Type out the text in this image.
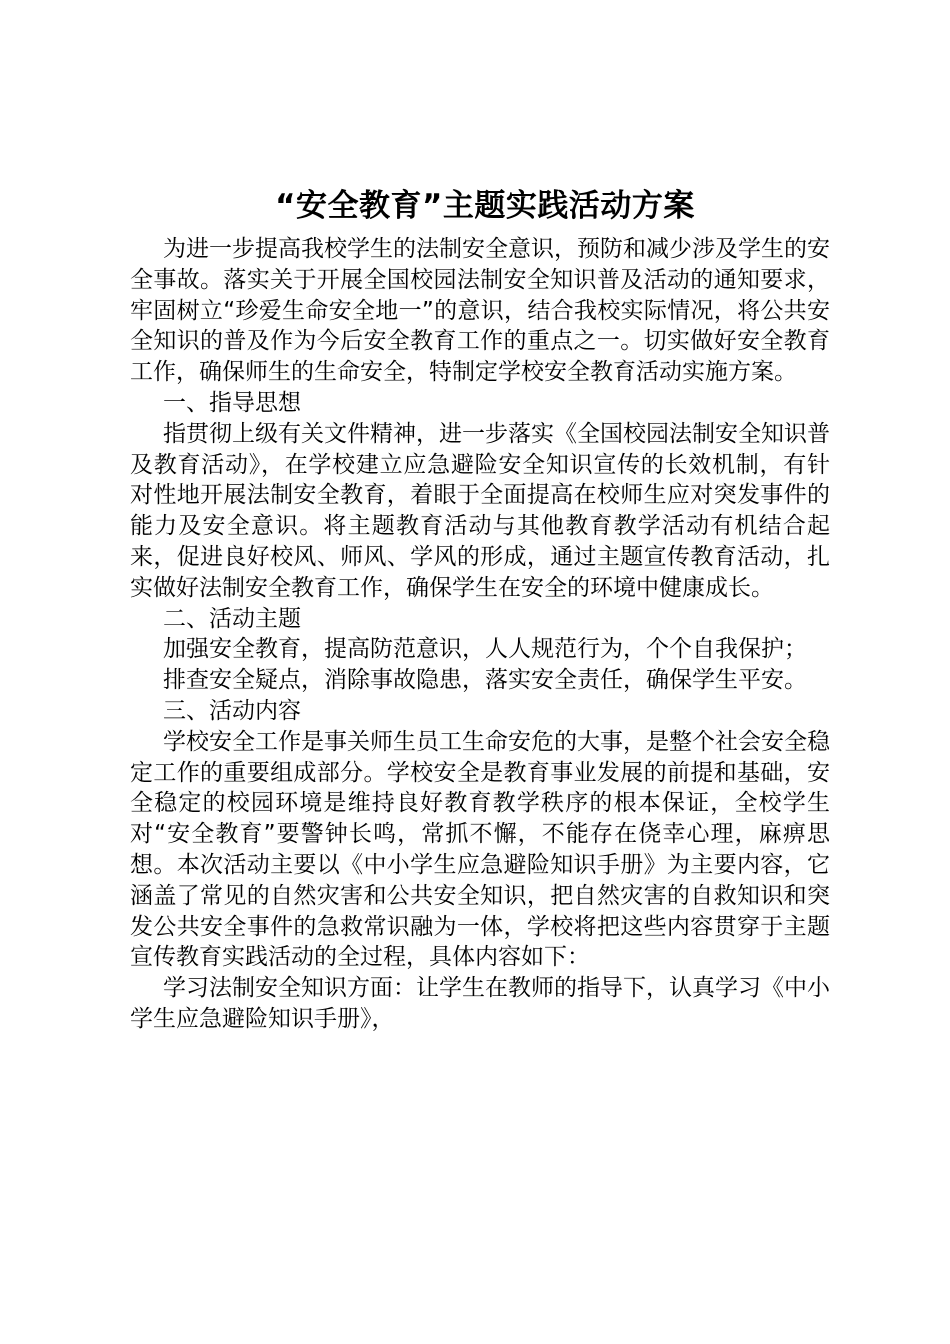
“安全教育”主题实践活动方案

为进一步提高我校学生的法制安全意识，预防和减少涉及学生的安全事故。落实关于开展全国校园法制安全知识普及活动的通知要求，牢固树立“珍爱生命安全地一”的意识，结合我校实际情况，将公共安全知识的普及作为今后安全教育工作的重点之一。切实做好安全教育工作，确保师生的生命安全，特制定学校安全教育活动实施方案。

一、指导思想

指贯彻上级有关文件精神，进一步落实《全国校园法制安全知识普及教育活动》，在学校建立应急避险安全知识宣传的长效机制，有针对性地开展法制安全教育，着眼于全面提高在校师生应对突发事件的能力及安全意识。将主题教育活动与其他教育教学活动有机结合起来，促进良好校风、师风、学风的形成，通过主题宣传教育活动，扎实做好法制安全教育工作，确保学生在安全的环境中健康成长。

二、活动主题

加强安全教育，提高防范意识，人人规范行为，个个自我保护；

排查安全疑点，消除事故隐患，落实安全责任，确保学生平安。

三、活动内容

学校安全工作是事关师生员工生命安危的大事，是整个社会安全稳定工作的重要组成部分。学校安全是教育事业发展的前提和基础，安全稳定的校园环境是维持良好教育教学秩序的根本保证，全校学生对“安全教育”要警钟长鸣，常抓不懈，不能存在侥幸心理，麻痹思想。本次活动主要以《中小学生应急避险知识手册》为主要内容，它涵盖了常见的自然灾害和公共安全知识，把自然灾害的自救知识和突发公共安全事件的急救常识融为一体，学校将把这些内容贯穿于主题宣传教育实践活动的全过程，具体内容如下：

学习法制安全知识方面：让学生在教师的指导下，认真学习《中小学生应急避险知识手册》，
